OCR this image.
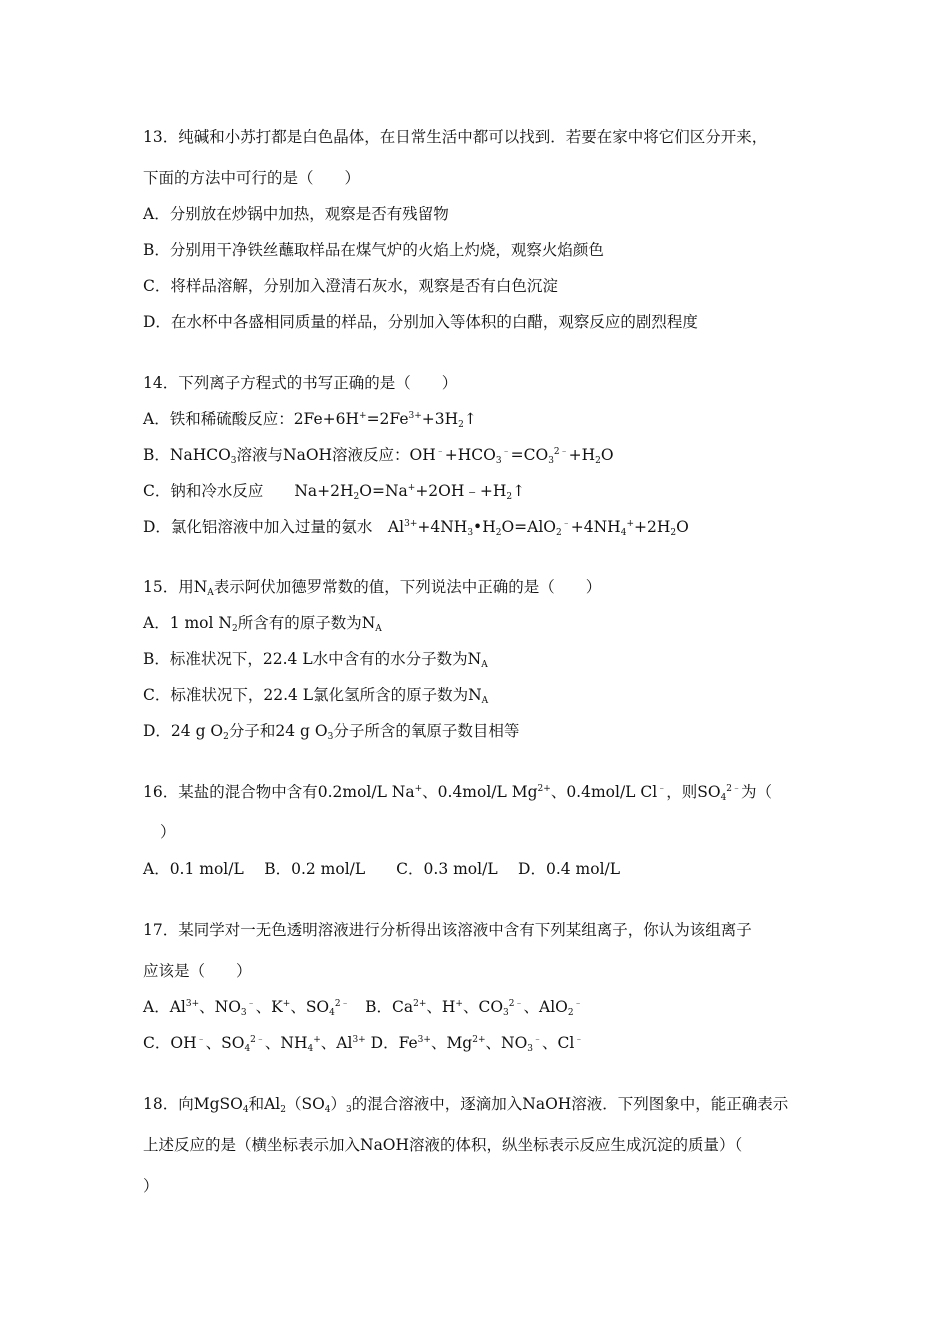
13．纯碱和小苏打都是白色晶体，在日常生活中都可以找到．若要在家中将它们区分开来，
下面的方法中可行的是（　　）
A．分别放在炒锅中加热，观察是否有残留物
B．分别用干净铁丝蘸取样品在煤气炉的火焰上灼烧，观察火焰颜色
C．将样品溶解，分别加入澄清石灰水，观察是否有白色沉淀
D．在水杯中各盛相同质量的样品，分别加入等体积的白醋，观察反应的剧烈程度
14．下列离子方程式的书写正确的是（　　）
A．铁和稀硫酸反应：$2Fe+6H^+=2Fe^{3+}+3H_2↑$
B．NaHCO$_3$溶液与NaOH溶液反应：$OH^﹣+HCO_3^﹣=CO_3^{2﹣}+H_2O$
C．钠和冷水反应　　$Na+2H_2O=Na^++2OH﹣+H_2↑$
D．氯化铝溶液中加入过量的氨水　$Al^{3+}+4NH_3•H_2O=AlO_2^﹣+4NH_4^++2H_2O$
15．用$N_A$表示阿伏加德罗常数的值，下列说法中正确的是（　　）
A．1 mol $N_2$所含有的原子数为$N_A$
B．标准状况下，22.4 L水中含有的水分子数为$N_A$
C．标准状况下，22.4 L氯化氢所含的原子数为$N_A$
D．24 g $O_2$分子和24 g $O_3$分子所含的氧原子数目相等
16．某盐的混合物中含有0.2mol/L Na+、0.4mol/L $Mg^{2+}$、0.4mol/L Cl﹣，则$SO_4^{2﹣}$为（
）
A．0.1 mol/L　 B．0.2 mol/L　　C．0.3 mol/L　 D．0.4 mol/L
17．某同学对一无色透明溶液进行分析得出该溶液中含有下列某组离子，你认为该组离子
应该是（　　）
A．$Al^{3+}$、$NO_3^﹣$、K+、$SO_4^{2﹣}$　B．$Ca^{2+}$、H+、$CO_3^{2﹣}$、AlO$_2$﹣
C．OH﹣、$SO_4^{2﹣}$、$NH_4^+$、$Al^{3+}$ D．$Fe^{3+}$、$Mg^{2+}$、$NO_3^﹣$、Cl﹣
18．向MgSO$_4$和$Al_2(SO_4)_3$的混合溶液中，逐滴加入NaOH溶液．下列图象中，能正确表示
上述反应的是（横坐标表示加入NaOH溶液的体积，纵坐标表示反应生成沉淀的质量）（
）
